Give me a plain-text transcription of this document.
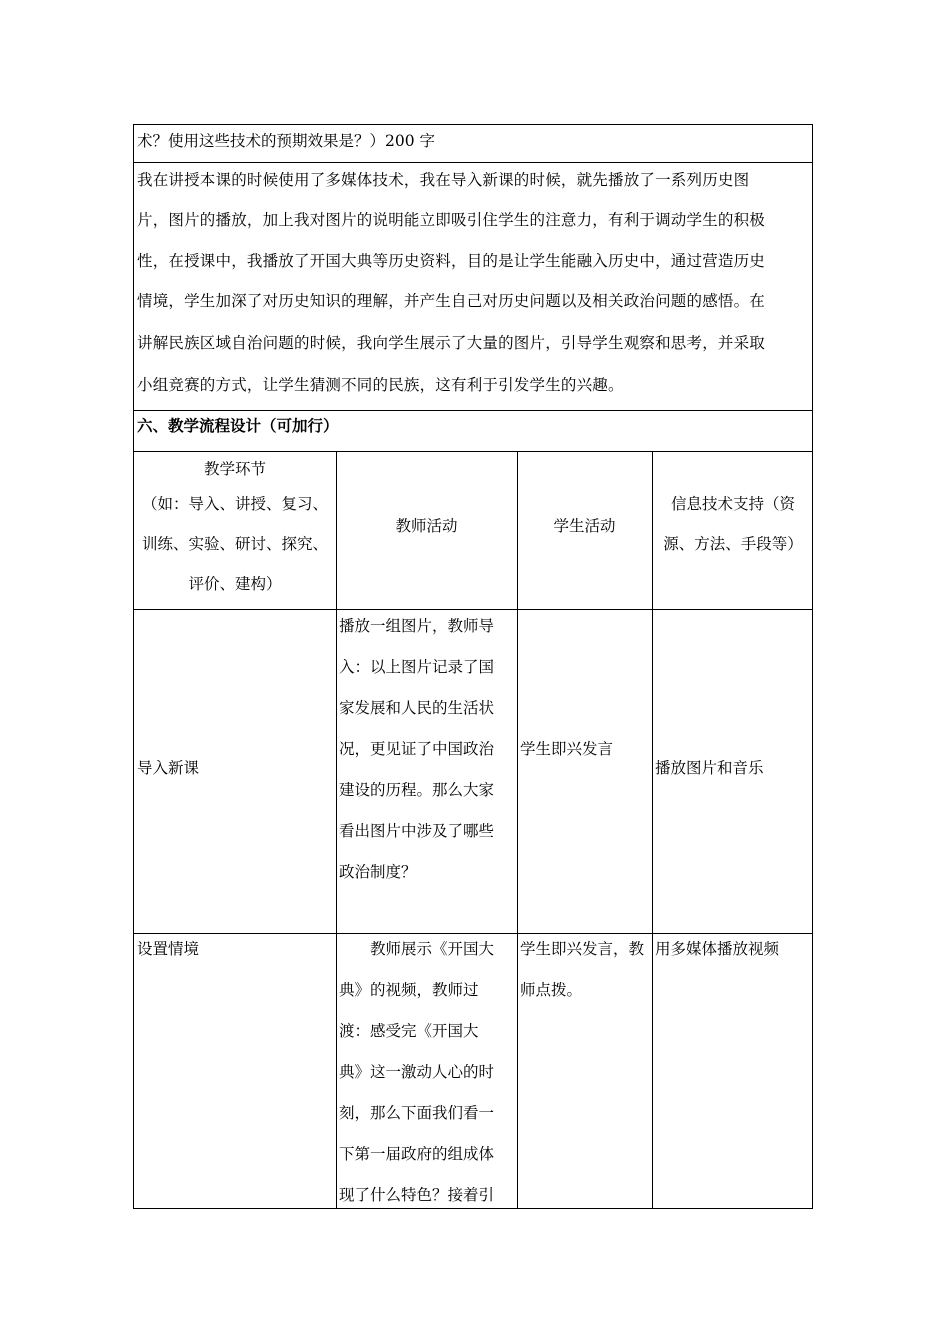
术？使用这些技术的预期效果是？）200 字
我在讲授本课的时候使用了多媒体技术，我在导入新课的时候，就先播放了一系列历史图
片，图片的播放，加上我对图片的说明能立即吸引住学生的注意力，有利于调动学生的积极
性，在授课中，我播放了开国大典等历史资料，目的是让学生能融入历史中，通过营造历史
情境，学生加深了对历史知识的理解，并产生自己对历史问题以及相关政治问题的感悟。在
讲解民族区域自治问题的时候，我向学生展示了大量的图片，引导学生观察和思考，并采取
小组竞赛的方式，让学生猜测不同的民族，这有利于引发学生的兴趣。
六、教学流程设计（可加行）
教学环节
（如：导入、讲授、复习、
训练、实验、研讨、探究、
评价、建构）
教师活动	学生活动
信息技术支持（资
源、方法、手段等）
导入新课
播放一组图片，教师导
入：以上图片记录了国
家发展和人民的生活状
况，更见证了中国政治
建设的历程。那么大家
看出图片中涉及了哪些
政治制度？
学生即兴发言
播放图片和音乐
设置情境	教师展示《开国大
典》的视频，教师过
渡：感受完《开国大
典》这一激动人心的时
刻，那么下面我们看一
下第一届政府的组成体
现了什么特色？接着引
学生即兴发言，教
师点拨。
用多媒体播放视频
